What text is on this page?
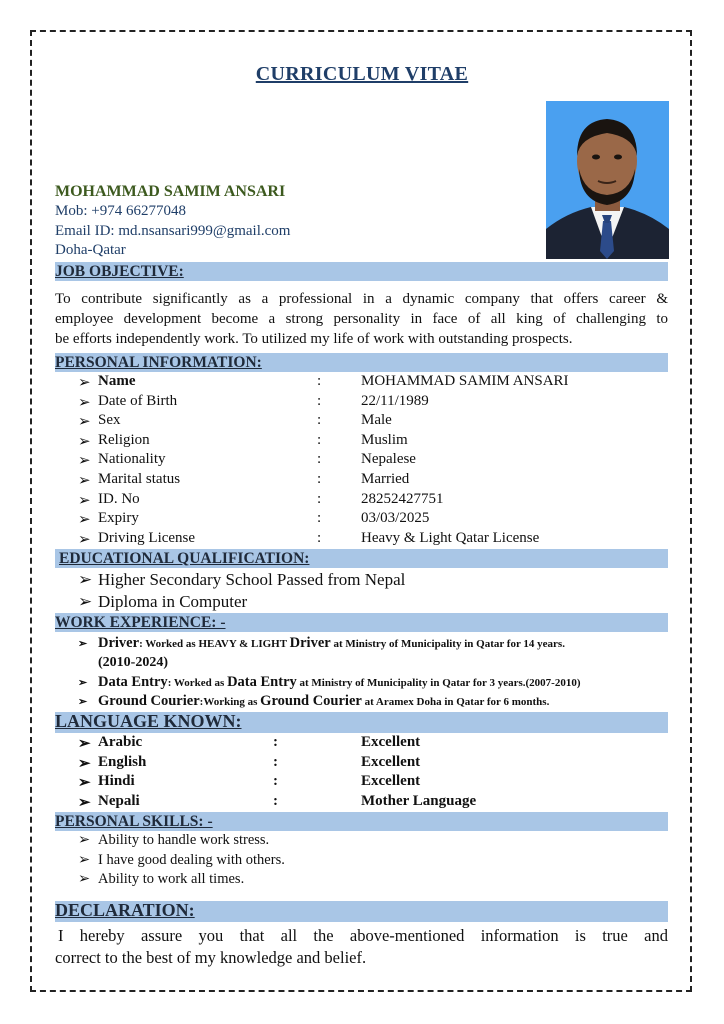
CURRICULUM VITAE
MOHAMMAD SAMIM ANSARI
Mob: +974 66277048
Email ID: md.nsansari999@gmail.com
Doha-Qatar
JOB OBJECTIVE:
To contribute significantly as a professional in a dynamic company that offers career &
employee development become a strong personality in face of all king of challenging to
be efforts independently work. To utilized my life of work with outstanding prospects.
PERSONAL INFORMATION:
➢ Name	:	MOHAMMAD SAMIM ANSARI
➢ Date of Birth	:	22/11/1989
➢ Sex	:	Male
➢ Religion	:	Muslim
➢ Nationality	:	Nepalese
➢ Marital status	:	Married
➢ ID. No	:	28252427751
➢ Expiry	:	03/03/2025
➢ Driving License	:	Heavy & Light Qatar License
EDUCATIONAL QUALIFICATION:
➢ Higher Secondary School Passed from Nepal
➢ Diploma in Computer
WORK EXPERIENCE: -
➢ Driver: Worked as HEAVY & LIGHT Driver at Ministry of Municipality in Qatar for 14 years.
(2010-2024)
➢ Data Entry: Worked as Data Entry at Ministry of Municipality in Qatar for 3 years.(2007-2010)
➢ Ground Courier:Working as Ground Courier at Aramex Doha in Qatar for 6 months.
LANGUAGE KNOWN:
➢ Arabic	:	Excellent
➢ English	:	Excellent
➢ Hindi	:	Excellent
➢ Nepali	:	Mother Language
PERSONAL SKILLS: -
➢ Ability to handle work stress.
➢ I have good dealing with others.
➢ Ability to work all times.
DECLARATION:
I hereby assure you that all the above-mentioned information is true and
correct to the best of my knowledge and belief.
